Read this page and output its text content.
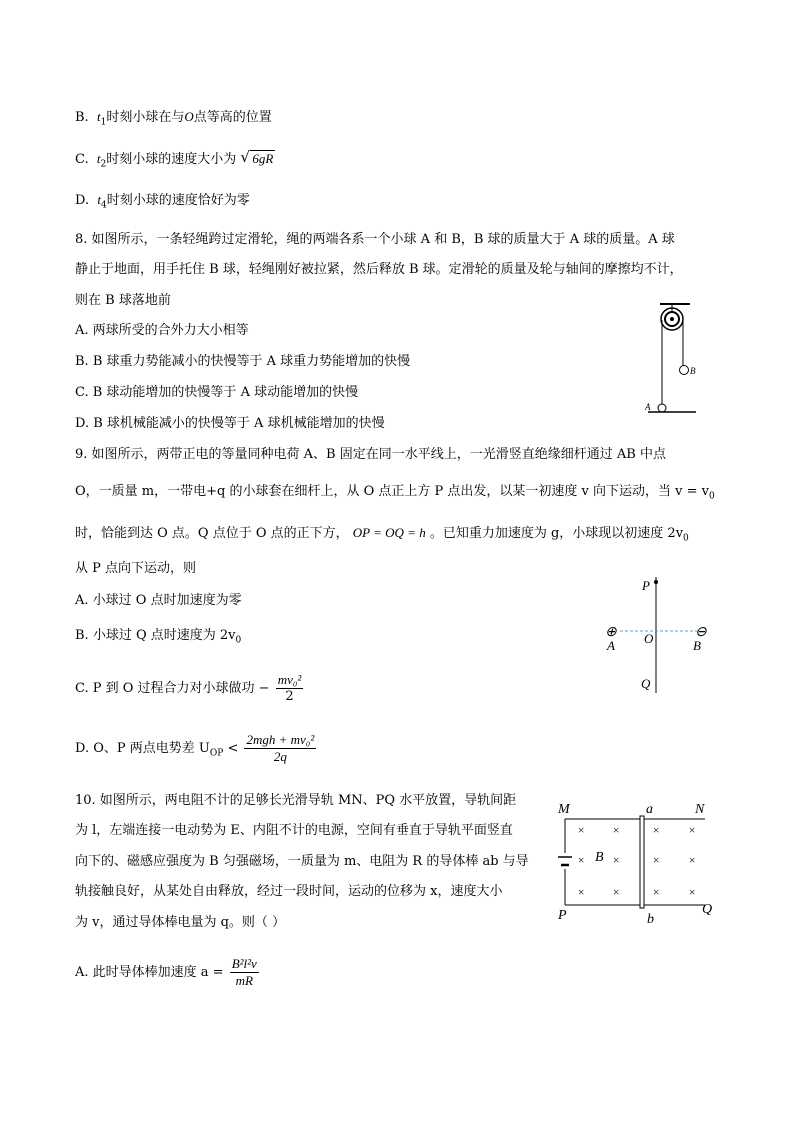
B. $t_1$时刻小球在与O点等高的位置
C. $t_2$时刻小球的速度大小为 √ 6gR
D. $t_4$时刻小球的速度恰好为零
8. 如图所示，一条轻绳跨过定滑轮，绳的两端各系一个小球 A 和 B，B 球的质量大于 A 球的质量。A 球
静止于地面，用手托住 B 球，轻绳刚好被拉紧，然后释放 B 球。定滑轮的质量及轮与轴间的摩擦均不计，
则在 B 球落地前
A. 两球所受的合外力大小相等
B. B 球重力势能减小的快慢等于 A 球重力势能增加的快慢
C. B 球动能增加的快慢等于 A 球动能增加的快慢
D. B 球机械能减小的快慢等于 A 球机械能增加的快慢
B
A
9. 如图所示，两带正电的等量同种电荷 A、B 固定在同一水平线上，一光滑竖直绝缘细杆通过 AB 中点
O，一质量 m，一带电+q 的小球套在细杆上，从 O 点正上方 P 点出发，以某一初速度 v 向下运动，当 $v = v_0$
时，恰能到达 O 点。Q 点位于 O 点的正下方， OP = OQ = h 。已知重力加速度为 g，小球现以初速度 $2v_0$
从 P 点向下运动，则
A. 小球过 O 点时加速度为零
B. 小球过 Q 点时速度为 $2v_0$
C. P 到 O 过程合力对小球做功 − $\frac{\text{mv₀²}}{2}$
D. O、P 两点电势差 $U_{OP} < \frac{\text{2mgh + mv₀²}}{2q}$
P
⊕	⊖
A O	B
Q
10. 如图所示，两电阻不计的足够长光滑导轨 MN、PQ 水平放置，导轨间距
为 l，左端连接一电动势为 E、内阻不计的电源，空间有垂直于导轨平面竖直
向下的、磁感应强度为 B 匀强磁场，一质量为 m、电阻为 R 的导体棒 ab 与导
轨接触良好，从某处自由释放，经过一段时间，运动的位移为 x，速度大小
为 v，通过导体棒电量为 q。则（ ）
A. 此时导体棒加速度 $a = \frac{\text{B²l²v}}{mR}$
M	a	N
P	b
Q
B
× ×	× ×
× ×	× ×
× ×	× ×
